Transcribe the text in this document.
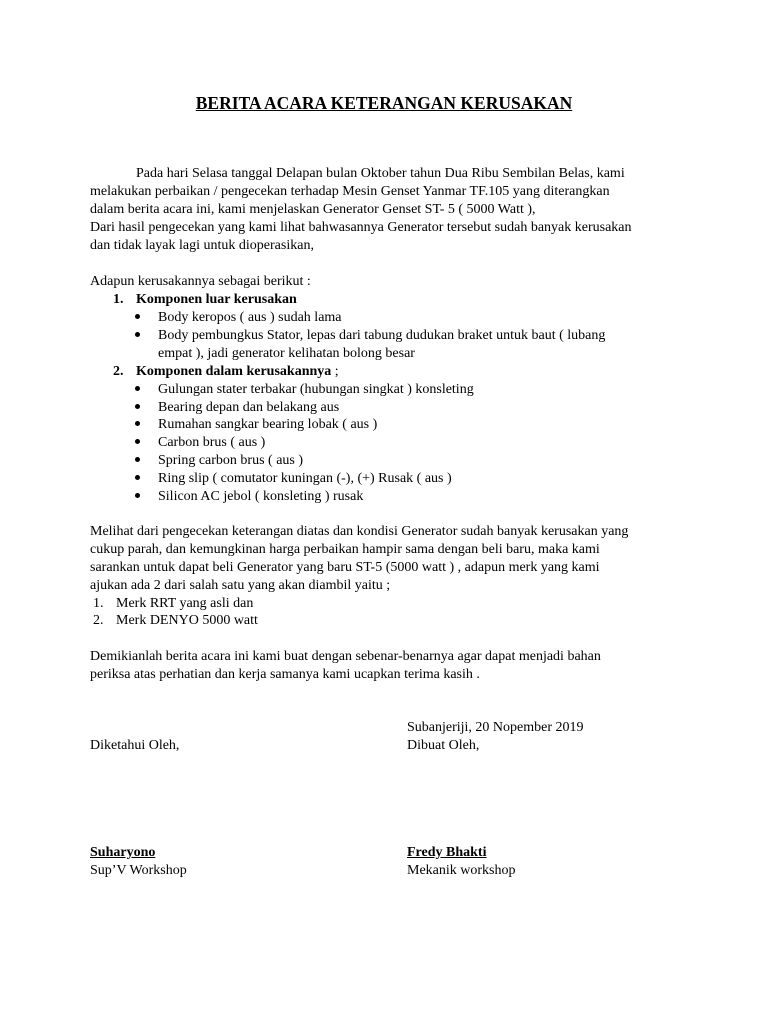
BERITA ACARA KETERANGAN KERUSAKAN
Pada hari Selasa tanggal Delapan bulan Oktober tahun Dua Ribu Sembilan Belas, kami
melakukan perbaikan / pengecekan terhadap Mesin Genset Yanmar TF.105 yang diterangkan
dalam berita acara ini, kami menjelaskan Generator Genset ST- 5 ( 5000 Watt ),
Dari hasil pengecekan yang kami lihat bahwasannya Generator tersebut sudah banyak kerusakan
dan tidak layak lagi untuk dioperasikan,
Adapun kerusakannya sebagai berikut :
1. Komponen luar kerusakan
Body keropos ( aus ) sudah lama
Body pembungkus Stator, lepas dari tabung dudukan braket untuk baut ( lubang
empat ), jadi generator kelihatan bolong besar
2. Komponen dalam kerusakannya ;
Gulungan stater terbakar (hubungan singkat ) konsleting
Bearing depan dan belakang aus
Rumahan sangkar bearing lobak ( aus )
Carbon brus ( aus )
Spring carbon brus ( aus )
Ring slip ( comutator kuningan (-), (+) Rusak ( aus )
Silicon AC jebol ( konsleting ) rusak
Melihat dari pengecekan keterangan diatas dan kondisi Generator sudah banyak kerusakan yang
cukup parah, dan kemungkinan harga perbaikan hampir sama dengan beli baru, maka kami
sarankan untuk dapat beli Generator yang baru ST-5 (5000 watt ) , adapun merk yang kami
ajukan ada 2 dari salah satu yang akan diambil yaitu ;
1. Merk RRT yang asli dan
2. Merk DENYO 5000 watt
Demikianlah berita acara ini kami buat dengan sebenar-benarnya agar dapat menjadi bahan
periksa atas perhatian dan kerja samanya kami ucapkan terima kasih .
Subanjeriji, 20 Nopember 2019
Diketahui Oleh,	Dibuat Oleh,
Suharyono	Fredy Bhakti
Sup’V Workshop	Mekanik workshop
